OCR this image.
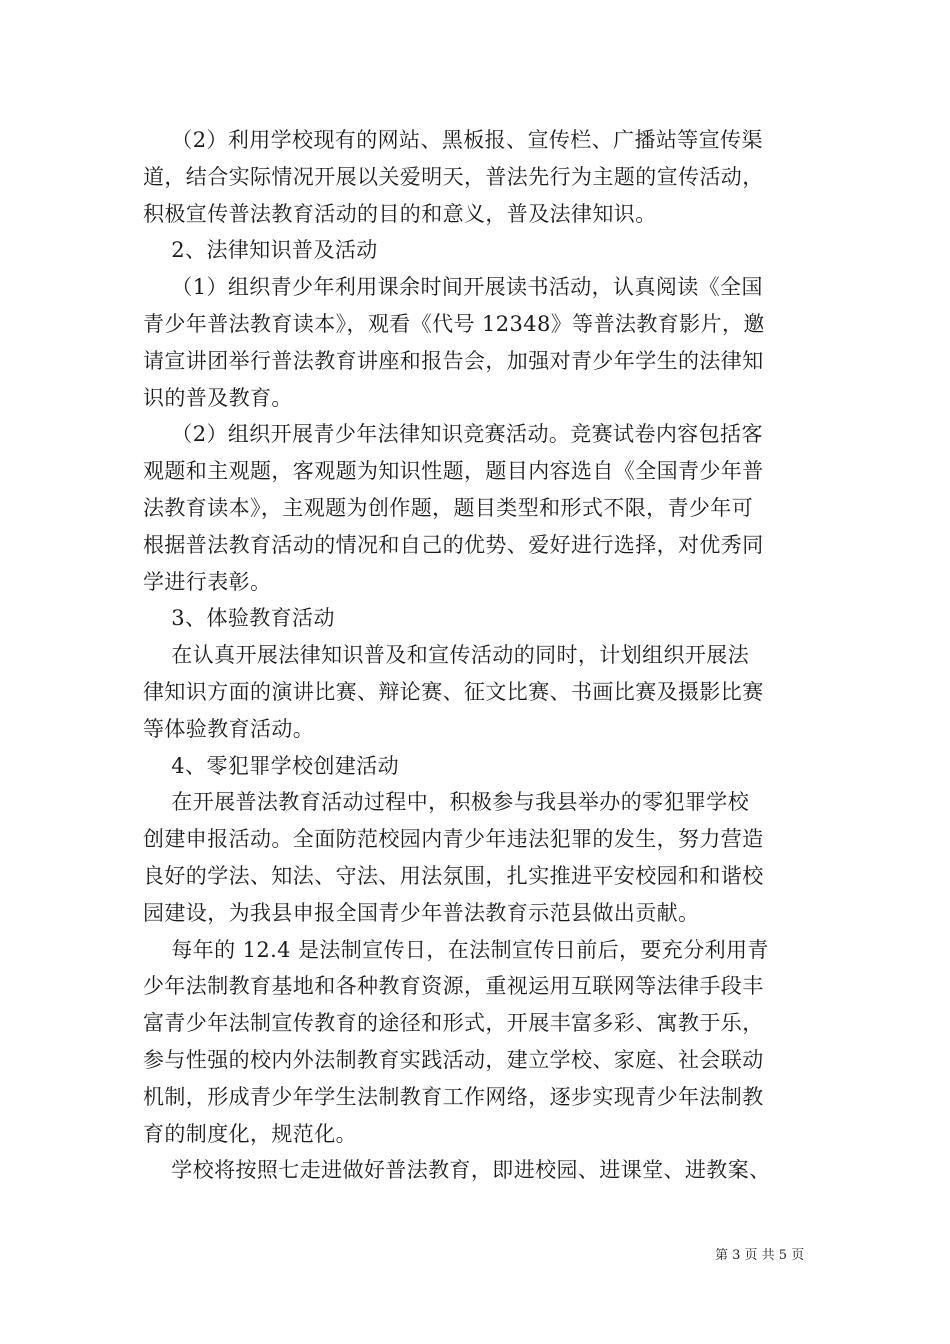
（2）利用学校现有的网站、黑板报、宣传栏、广播站等宣传渠
道，结合实际情况开展以关爱明天，普法先行为主题的宣传活动，
积极宣传普法教育活动的目的和意义，普及法律知识。
2、法律知识普及活动
（1）组织青少年利用课余时间开展读书活动，认真阅读《全国
青少年普法教育读本》，观看《代号 12348》等普法教育影片，邀
请宣讲团举行普法教育讲座和报告会，加强对青少年学生的法律知
识的普及教育。
（2）组织开展青少年法律知识竞赛活动。竞赛试卷内容包括客
观题和主观题，客观题为知识性题，题目内容选自《全国青少年普
法教育读本》，主观题为创作题，题目类型和形式不限，青少年可
根据普法教育活动的情况和自己的优势、爱好进行选择，对优秀同
学进行表彰。
3、体验教育活动
在认真开展法律知识普及和宣传活动的同时，计划组织开展法
律知识方面的演讲比赛、辩论赛、征文比赛、书画比赛及摄影比赛
等体验教育活动。
4、零犯罪学校创建活动
在开展普法教育活动过程中，积极参与我县举办的零犯罪学校
创建申报活动。全面防范校园内青少年违法犯罪的发生，努力营造
良好的学法、知法、守法、用法氛围，扎实推进平安校园和和谐校
园建设，为我县申报全国青少年普法教育示范县做出贡献。
每年的 12.4 是法制宣传日，在法制宣传日前后，要充分利用青
少年法制教育基地和各种教育资源，重视运用互联网等法律手段丰
富青少年法制宣传教育的途径和形式，开展丰富多彩、寓教于乐，
参与性强的校内外法制教育实践活动，建立学校、家庭、社会联动
机制，形成青少年学生法制教育工作网络，逐步实现青少年法制教
育的制度化，规范化。
学校将按照七走进做好普法教育，即进校园、进课堂、进教案、
第 3 页 共 5 页
